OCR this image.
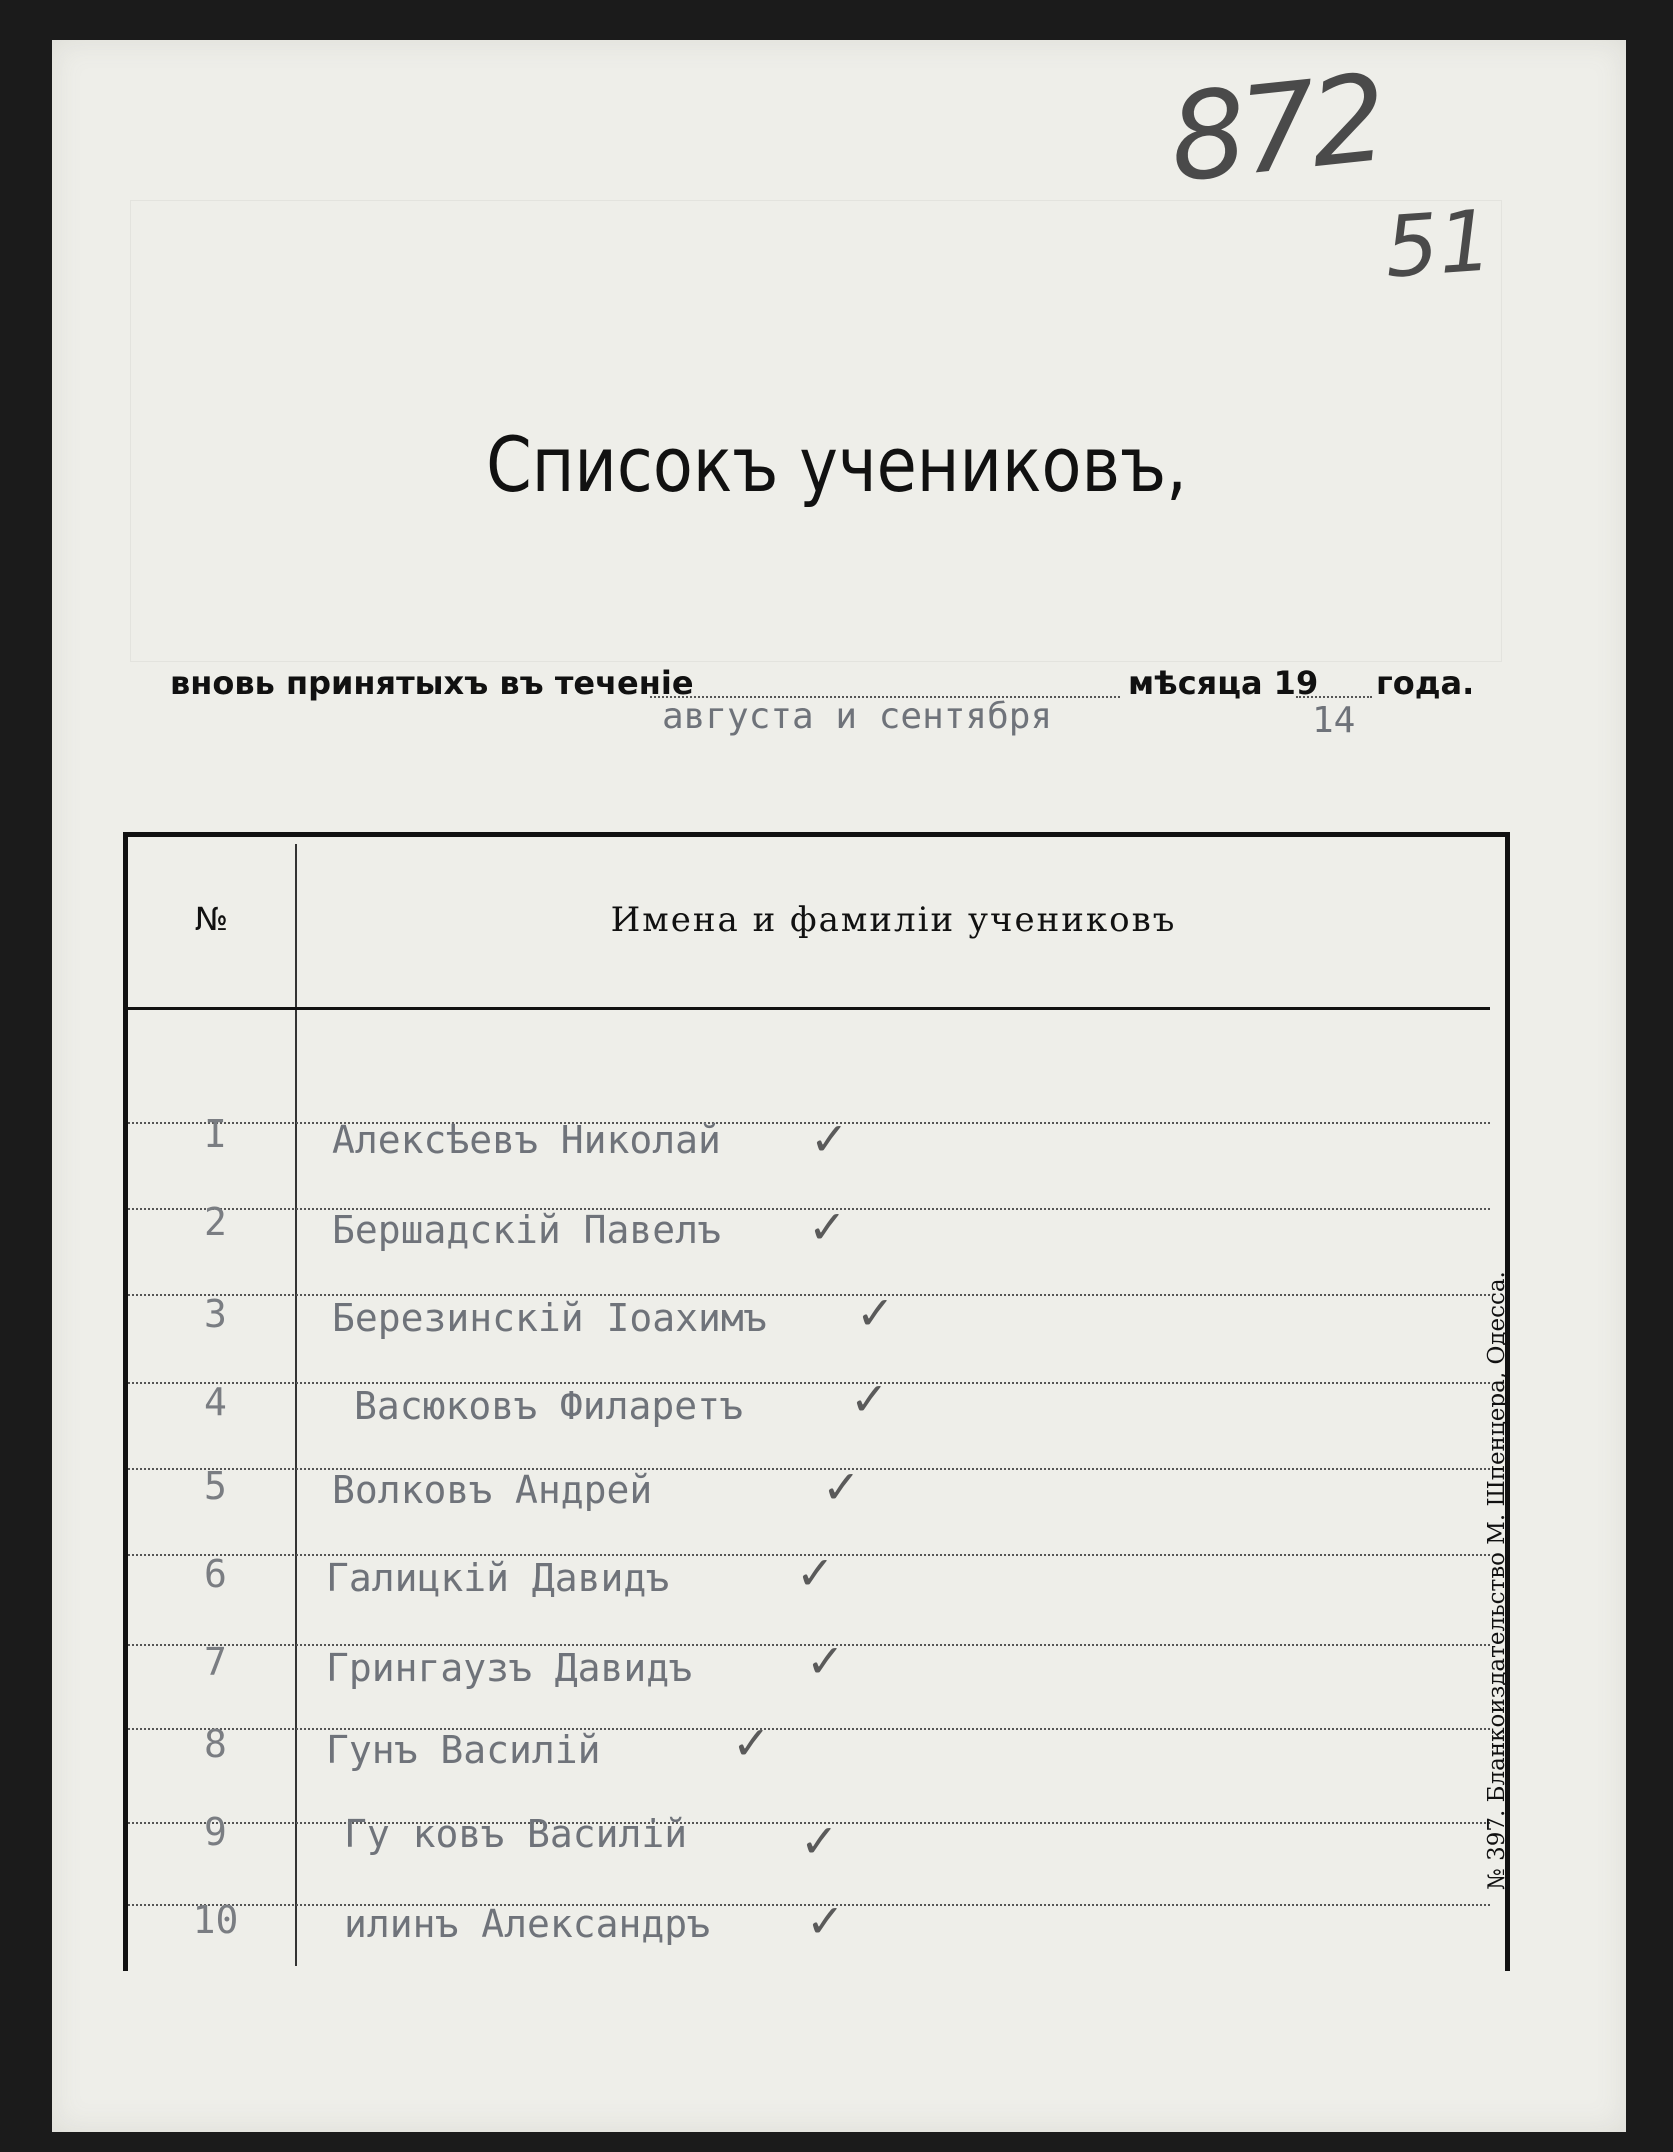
872
51
Списокъ учениковъ,
вновь принятыхъ въ теченіе	мѣсяца 19 года.
августа и сентября	14
№	Имена и фамиліи учениковъ
I	Алексѣевъ Николай ✓
2	Бершадскій Павелъ ✓
3	Березинскій Іоахимъ ✓
4	Васюковъ Филаретъ ✓
5	Волковъ Андрей	✓
6	Галицкій Давидъ	✓
7	Грингаузъ Давидъ ✓
8	Гунъ Василій	✓
9	Гу ковъ Василій ✓
10	илинъ Александръ ✓
№ 397. Бланкоиздательство М. Шпенцера, Одесса.
